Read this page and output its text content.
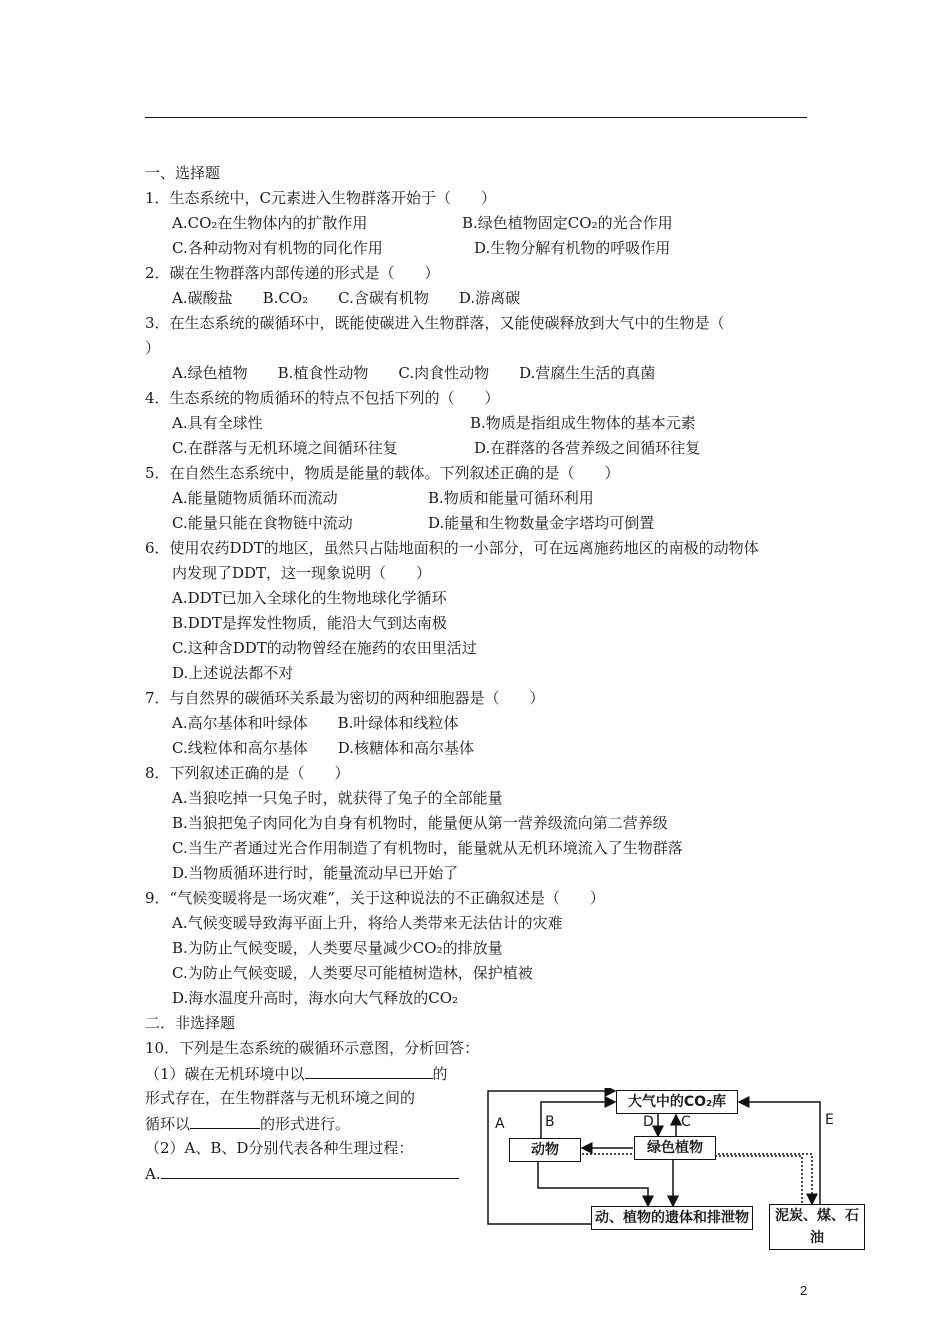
一、选择题
1．生态系统中，C元素进入生物群落开始于（　　）
A.CO₂在生物体内的扩散作用	B.绿色植物固定CO₂的光合作用
C.各种动物对有机物的同化作用	D.生物分解有机物的呼吸作用
2．碳在生物群落内部传递的形式是（　　）
A.碳酸盐　　B.CO₂　　C.含碳有机物　　D.游离碳
3．在生态系统的碳循环中，既能使碳进入生物群落，又能使碳释放到大气中的生物是（
）
A.绿色植物　　B.植食性动物　　C.肉食性动物　　D.营腐生生活的真菌
4．生态系统的物质循环的特点不包括下列的（　　）
A.具有全球性	B.物质是指组成生物体的基本元素
C.在群落与无机环境之间循环往复	D.在群落的各营养级之间循环往复
5．在自然生态系统中，物质是能量的载体。下列叙述正确的是（　　）
A.能量随物质循环而流动	B.物质和能量可循环利用
C.能量只能在食物链中流动	D.能量和生物数量金字塔均可倒置
6．使用农药DDT的地区，虽然只占陆地面积的一小部分，可在远离施药地区的南极的动物体
内发现了DDT，这一现象说明（　　）
A.DDT已加入全球化的生物地球化学循环
B.DDT是挥发性物质，能沿大气到达南极
C.这种含DDT的动物曾经在施药的农田里活过
D.上述说法都不对
7．与自然界的碳循环关系最为密切的两种细胞器是（　　）
A.高尔基体和叶绿体　　B.叶绿体和线粒体
C.线粒体和高尔基体　　D.核糖体和高尔基体
8．下列叙述正确的是（　　）
A.当狼吃掉一只兔子时，就获得了兔子的全部能量
B.当狼把兔子肉同化为自身有机物时，能量便从第一营养级流向第二营养级
C.当生产者通过光合作用制造了有机物时，能量就从无机环境流入了生物群落
D.当物质循环进行时，能量流动早已开始了
9．“气候变暖将是一场灾难”，关于这种说法的不正确叙述是（　　）
A.气候变暖导致海平面上升，将给人类带来无法估计的灾难
B.为防止气候变暖，人类要尽量减少CO₂的排放量
C.为防止气候变暖，人类要尽可能植树造林，保护植被
D.海水温度升高时，海水向大气释放的CO₂
二．非选择题
10．下列是生态系统的碳循环示意图，分析回答：
（1）碳在无机环境中以	的
形式存在，在生物群落与无机环境之间的
循环以	的形式进行。
（2）A、B、D分别代表各种生理过程：
A.
大气中的CO₂库
动物	绿色植物
动、植物的遗体和排泄物	泥炭、煤、石油
A	B	D C	E
2
